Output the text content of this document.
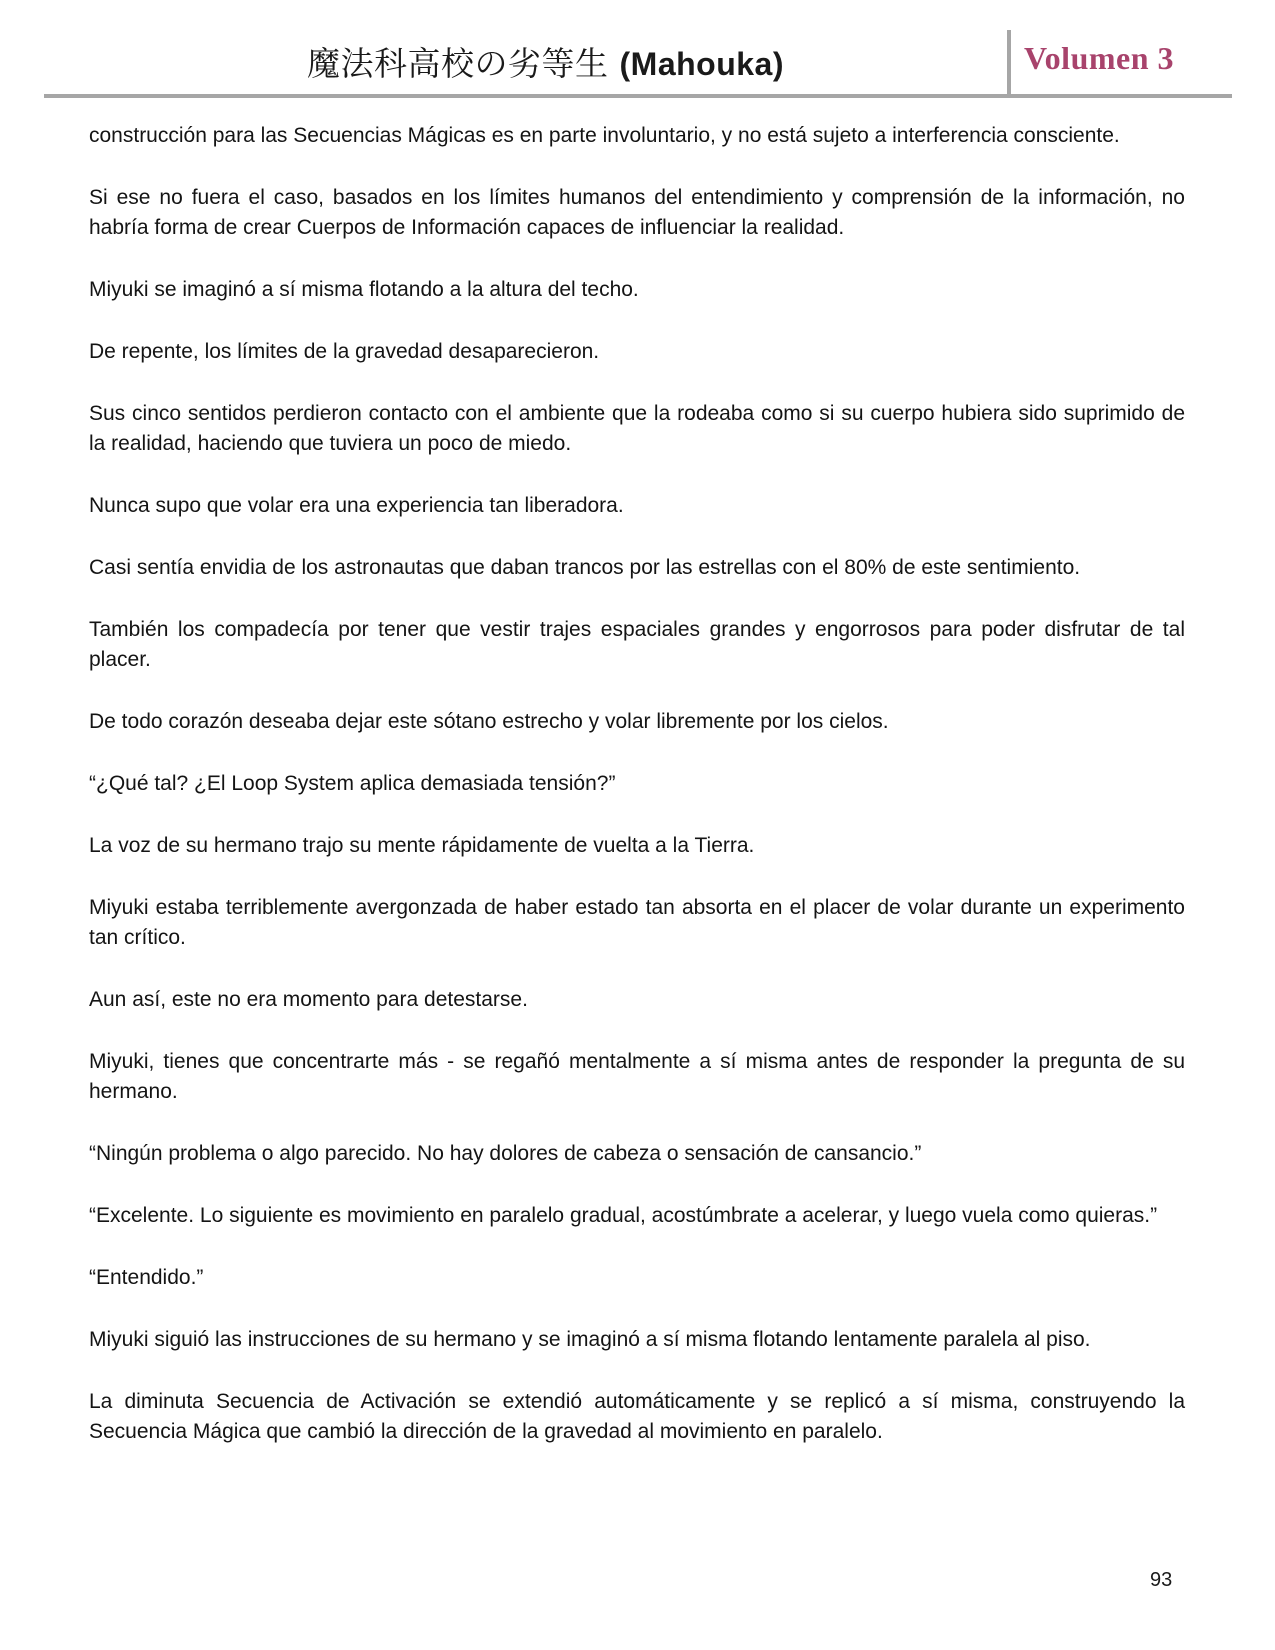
魔法科高校の劣等生 (Mahouka)	Volumen 3

construcción para las Secuencias Mágicas es en parte involuntario, y no está sujeto a interferencia consciente.

Si ese no fuera el caso, basados en los límites humanos del entendimiento y comprensión de la información, no habría forma de crear Cuerpos de Información capaces de influenciar la realidad.

Miyuki se imaginó a sí misma flotando a la altura del techo.

De repente, los límites de la gravedad desaparecieron.

Sus cinco sentidos perdieron contacto con el ambiente que la rodeaba como si su cuerpo hubiera sido suprimido de la realidad, haciendo que tuviera un poco de miedo.

Nunca supo que volar era una experiencia tan liberadora.

Casi sentía envidia de los astronautas que daban trancos por las estrellas con el 80% de este sentimiento.

También los compadecía por tener que vestir trajes espaciales grandes y engorrosos para poder disfrutar de tal placer.

De todo corazón deseaba dejar este sótano estrecho y volar libremente por los cielos.

“¿Qué tal? ¿El Loop System aplica demasiada tensión?”

La voz de su hermano trajo su mente rápidamente de vuelta a la Tierra.

Miyuki estaba terriblemente avergonzada de haber estado tan absorta en el placer de volar durante un experimento tan crítico.

Aun así, este no era momento para detestarse.

Miyuki, tienes que concentrarte más - se regañó mentalmente a sí misma antes de responder la pregunta de su hermano.

“Ningún problema o algo parecido. No hay dolores de cabeza o sensación de cansancio.”

“Excelente. Lo siguiente es movimiento en paralelo gradual, acostúmbrate a acelerar, y luego vuela como quieras.”

“Entendido.”

Miyuki siguió las instrucciones de su hermano y se imaginó a sí misma flotando lentamente paralela al piso.

La diminuta Secuencia de Activación se extendió automáticamente y se replicó a sí misma, construyendo la Secuencia Mágica que cambió la dirección de la gravedad al movimiento en paralelo.

93
